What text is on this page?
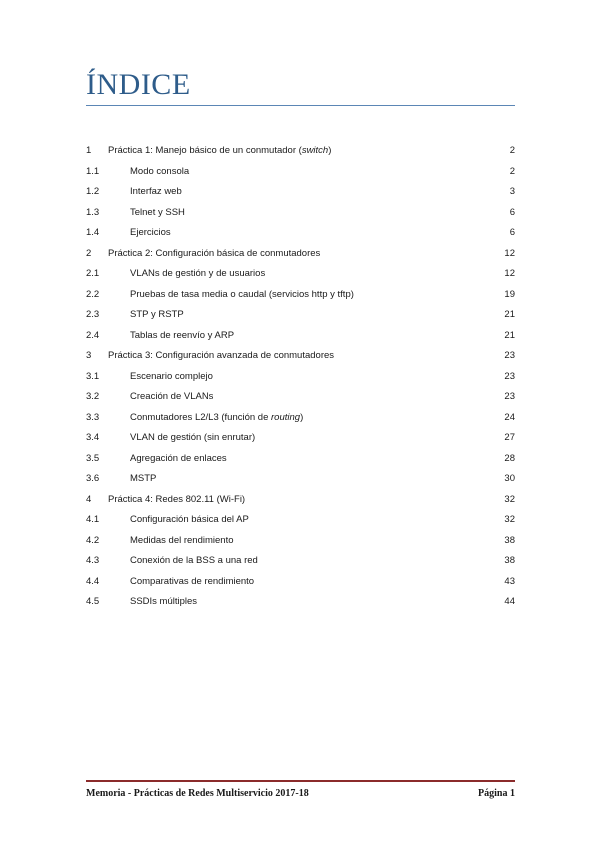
ÍNDICE
1 Práctica 1: Manejo básico de un conmutador (switch)	2
1.1	Modo consola	2
1.2	Interfaz web	3
1.3	Telnet y SSH	6
1.4	Ejercicios	6
2 Práctica 2: Configuración básica de conmutadores	12
2.1	VLANs de gestión y de usuarios	12
2.2	Pruebas de tasa media o caudal (servicios http y tftp)	19
2.3	STP y RSTP	21
2.4	Tablas de reenvío y ARP	21
3 Práctica 3: Configuración avanzada de conmutadores	23
3.1	Escenario complejo	23
3.2	Creación de VLANs	23
3.3	Conmutadores L2/L3 (función de routing)	24
3.4	VLAN de gestión (sin enrutar)	27
3.5	Agregación de enlaces	28
3.6	MSTP	30
4 Práctica 4: Redes 802.11 (Wi-Fi)	32
4.1	Configuración básica del AP	32
4.2	Medidas del rendimiento	38
4.3	Conexión de la BSS a una red	38
4.4	Comparativas de rendimiento	43
4.5	SSDIs múltiples	44
Memoria - Prácticas de Redes Multiservicio 2017-18	Página 1
